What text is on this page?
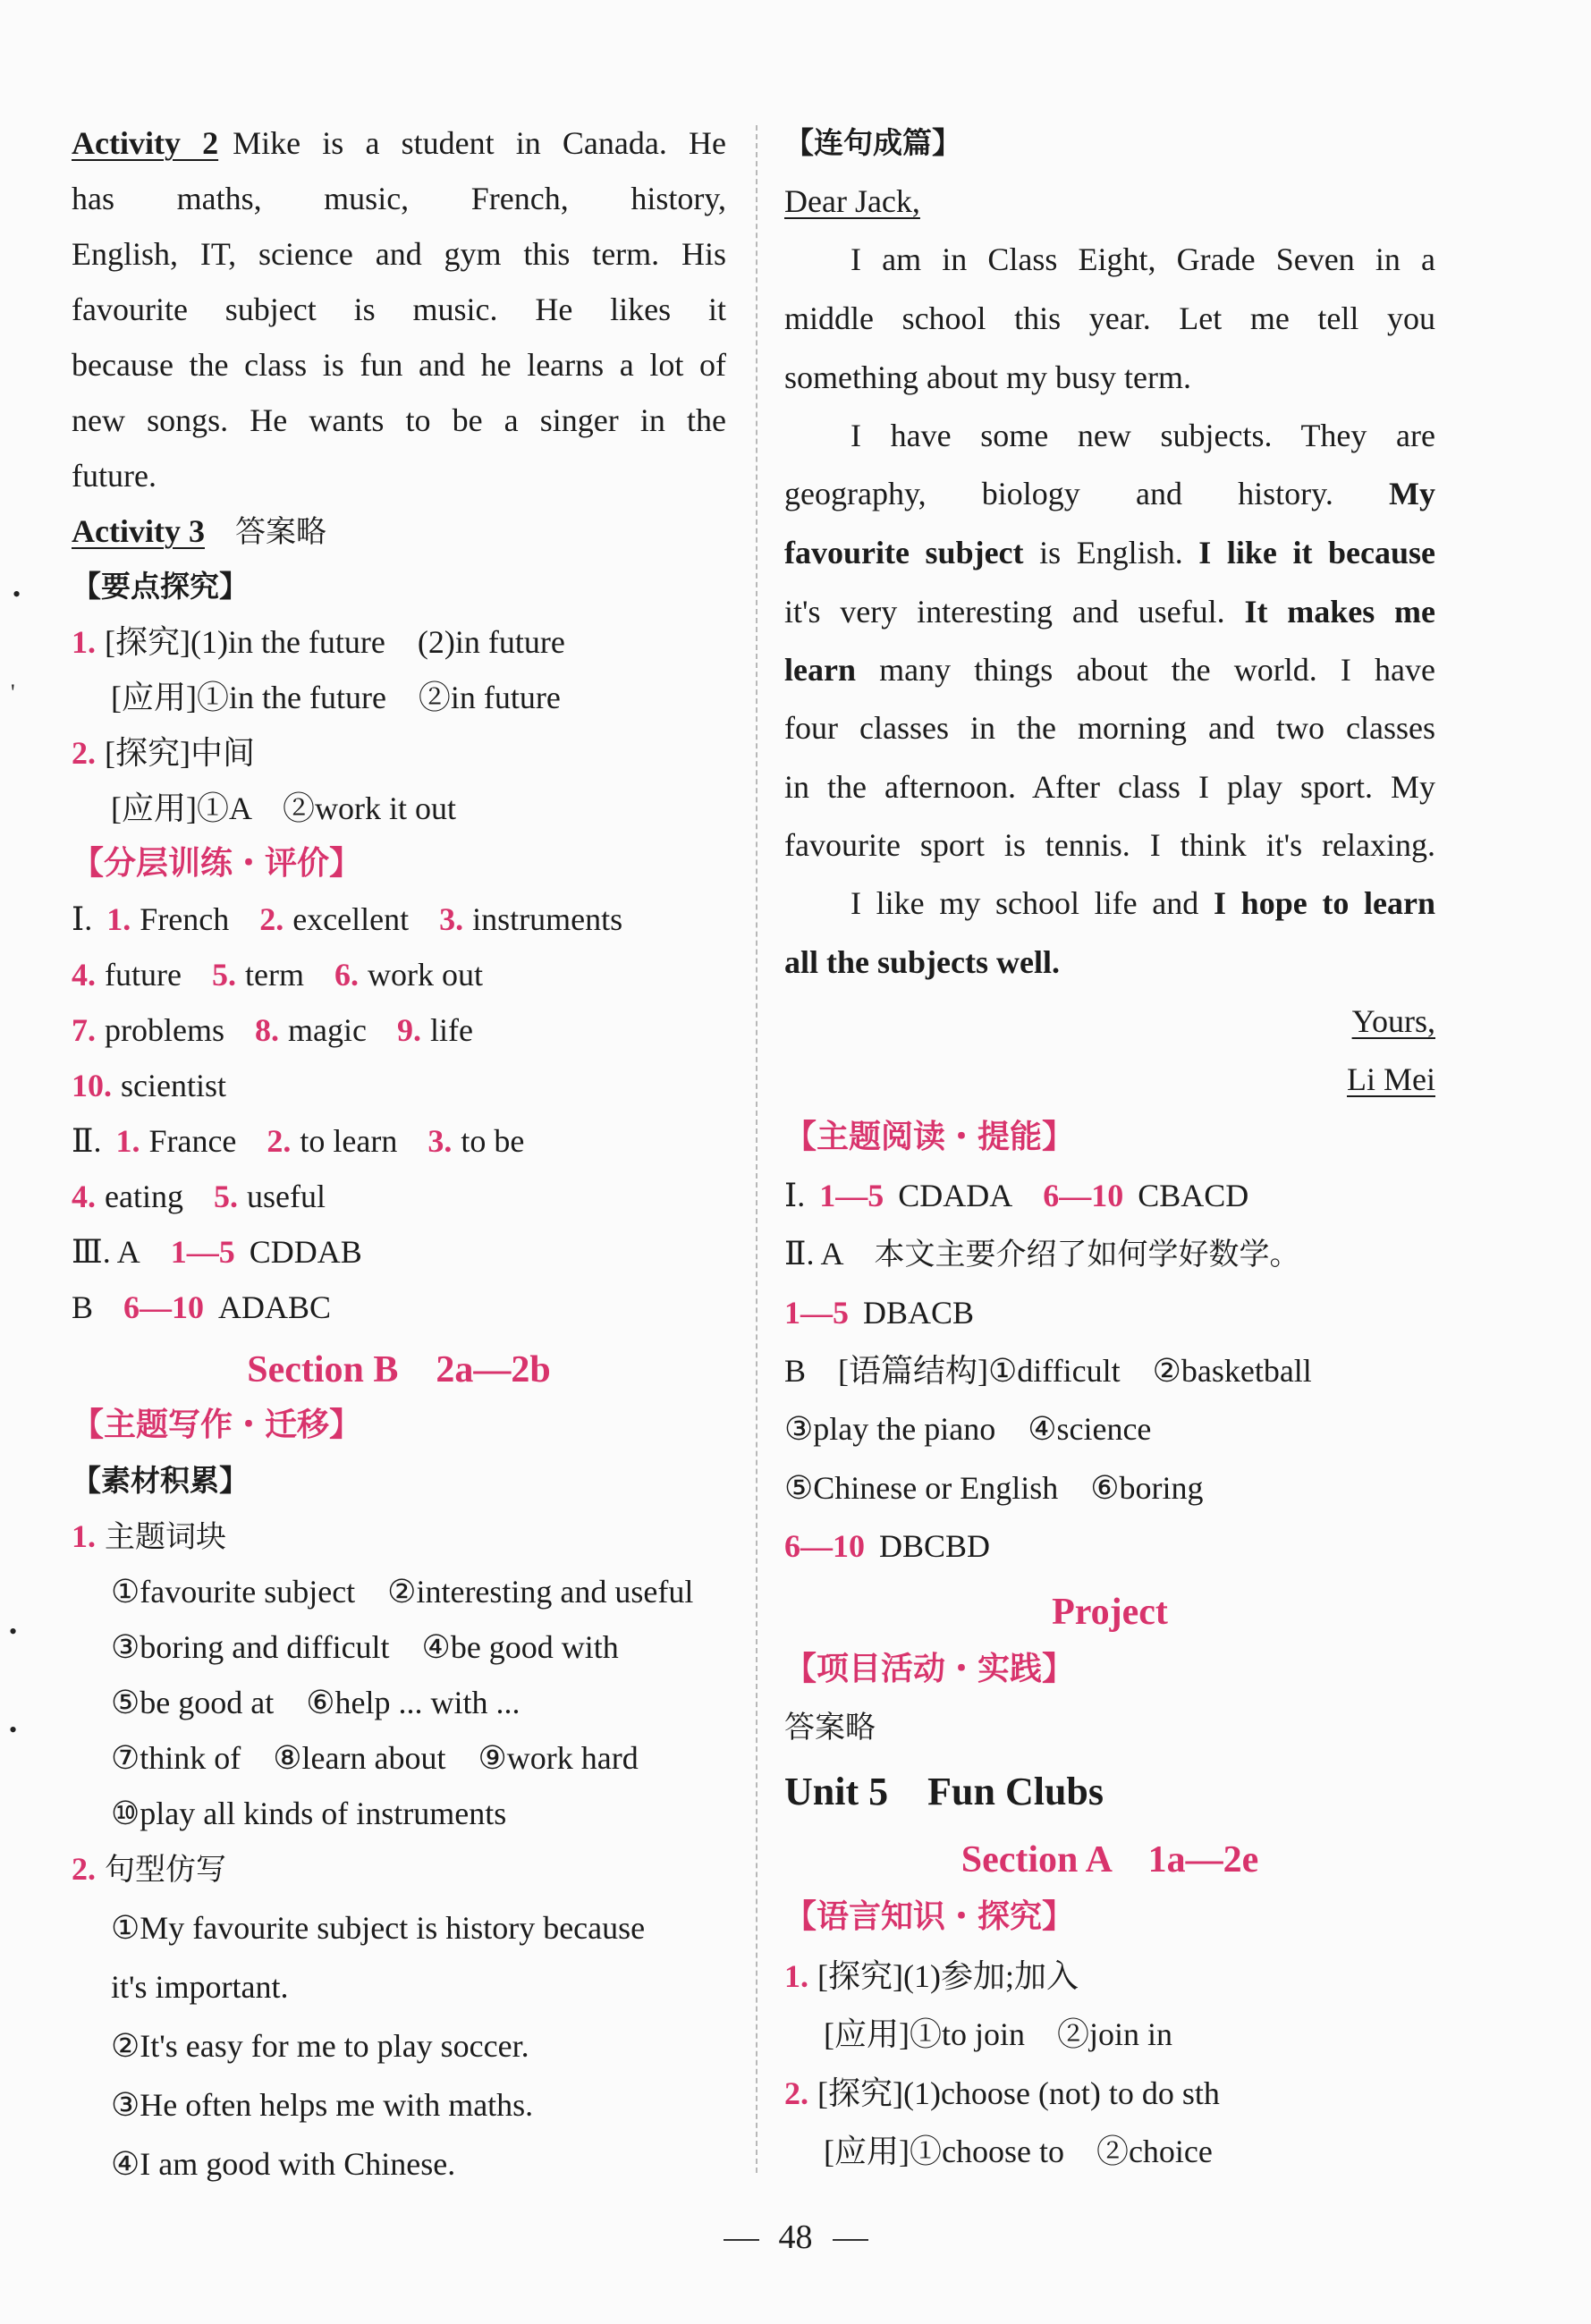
Activity 2 Mike is a student in Canada. He
has maths, music, French, history,
English, IT, science and gym this term. His
favourite subject is music. He likes it
because the class is fun and he learns a lot of
new songs. He wants to be a singer in the
future.
Activity 3 答案略
【要点探究】
1. [探究](1)in the future　(2)in future
[应用]①in the future　②in future
2. [探究]中间
[应用]①A　②work it out
【分层训练・评价】
Ⅰ. 1. French 2. excellent 3. instruments
4. future 5. term 6. work out
7. problems 8. magic 9. life
10. scientist
Ⅱ. 1. France 2. to learn 3. to be
4. eating 5. useful
Ⅲ. A 1—5 CDDAB
B 6—10 ADABC
Section B　2a—2b
【主题写作・迁移】
【素材积累】
1. 主题词块
①favourite subject　②interesting and useful
③boring and difficult　④be good with
⑤be good at　⑥help ... with ...
⑦think of　⑧learn about　⑨work hard
⑩play all kinds of instruments
2. 句型仿写
①My favourite subject is history because
it's important.
②It's easy for me to play soccer.
③He often helps me with maths.
④I am good with Chinese.
【连句成篇】
Dear Jack,
I am in Class Eight, Grade Seven in a
middle school this year. Let me tell you
something about my busy term.
I have some new subjects. They are
geography, biology and history. My
favourite subject is English. I like it because
it's very interesting and useful. It makes me
learn many things about the world. I have
four classes in the morning and two classes
in the afternoon. After class I play sport. My
favourite sport is tennis. I think it's relaxing.
I like my school life and I hope to learn
all the subjects well.
Yours,
Li Mei
【主题阅读・提能】
Ⅰ. 1—5 CDADA 6—10 CBACD
Ⅱ. A 本文主要介绍了如何学好数学。
1—5 DBACB
B　[语篇结构]①difficult　②basketball
③play the piano　④science
⑤Chinese or English　⑥boring
6—10 DBCBD
Project
【项目活动・实践】
答案略
Unit 5　Fun Clubs
Section A　1a—2e
【语言知识・探究】
1. [探究](1)参加;加入
[应用]①to join　②join in
2. [探究](1)choose (not) to do sth
[应用]①choose to　②choice
•
'
•
•
48
